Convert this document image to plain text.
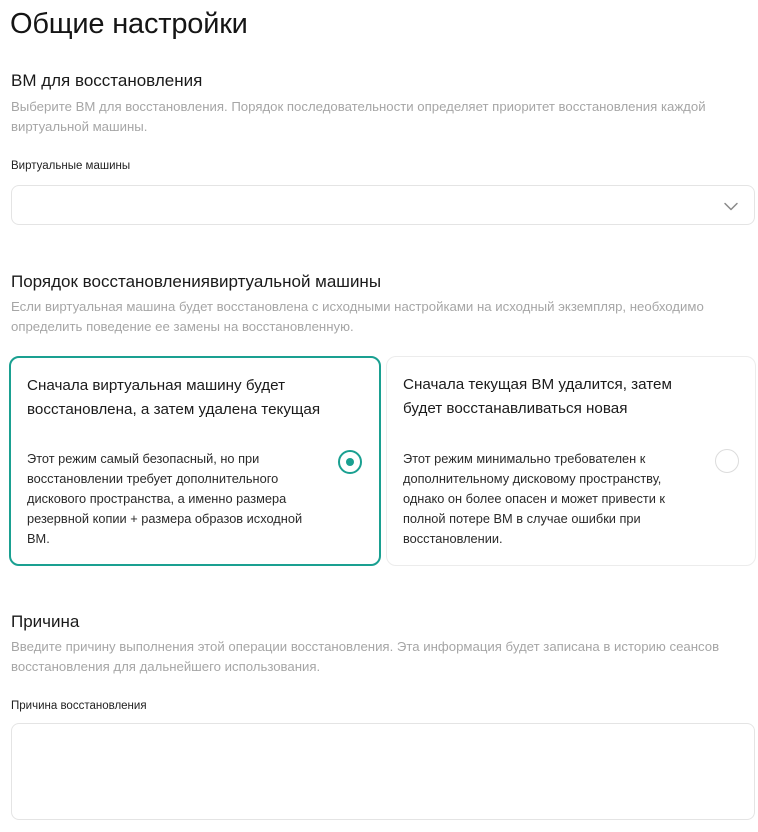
Общие настройки
ВМ для восстановления
Выберите ВМ для восстановления. Порядок последовательности определяет приоритет восстановления каждой виртуальной машины.
Виртуальные машины
Порядок восстановлениявиртуальной машины
Если виртуальная машина будет восстановлена с исходными настройками на исходный экземпляр, необходимо определить поведение ее замены на восстановленную.
Сначала виртуальная машину будет восстановлена, а затем удалена текущая
Этот режим самый безопасный, но при восстановлении требует дополнительного дискового пространства, а именно размера резервной копии + размера образов исходной ВМ.
Сначала текущая ВМ удалится, затем будет восстанавливаться новая
Этот режим минимально требователен к дополнительному дисковому пространству, однако он более опасен и может привести к полной потере ВМ в случае ошибки при восстановлении.
Причина
Введите причину выполнения этой операции восстановления. Эта информация будет записана в историю сеансов восстановления для дальнейшего использования.
Причина восстановления
